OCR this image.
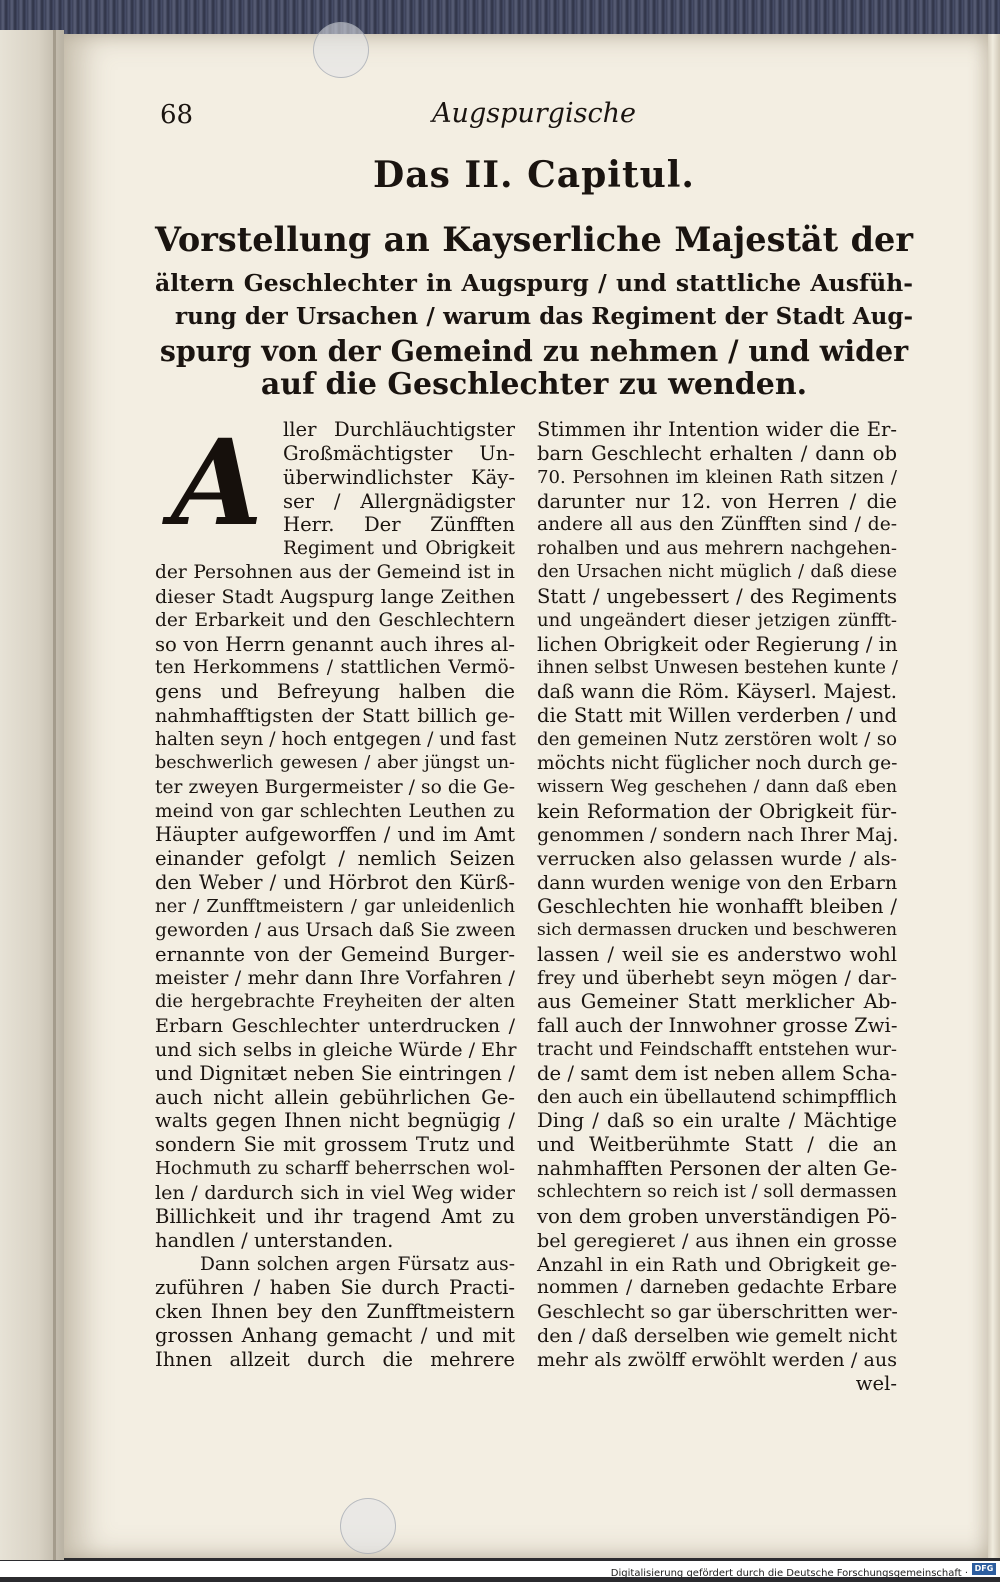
68	Augspurgische
Das II. Capitul.
Vorstellung an Kayserliche Majestät der
ältern Geschlechter in Augspurg / und stattliche Ausfüh-
rung der Ursachen / warum das Regiment der Stadt Aug-
spurg von der Gemeind zu nehmen / und wider
auf die Geschlechter zu wenden.
A	ller Durchläuchtigster
Großmächtigster Un-
überwindlichster Käy-
ser / Allergnädigster
Herr. Der Zünfften
Regiment und Obrigkeit
der Persohnen aus der Gemeind ist in
dieser Stadt Augspurg lange Zeithen
der Erbarkeit und den Geschlechtern
so von Herrn genannt auch ihres al-
ten Herkommens / stattlichen Vermö-
gens und Befreyung halben die
nahmhafftigsten der Statt billich ge-
halten seyn / hoch entgegen / und fast
beschwerlich gewesen / aber jüngst un-
ter zweyen Burgermeister / so die Ge-
meind von gar schlechten Leuthen zu
Häupter aufgeworffen / und im Amt
einander gefolgt / nemlich Seizen
den Weber / und Hörbrot den Kürß-
ner / Zunfftmeistern / gar unleidenlich
geworden / aus Ursach daß Sie zween
ernannte von der Gemeind Burger-
meister / mehr dann Ihre Vorfahren /
die hergebrachte Freyheiten der alten
Erbarn Geschlechter unterdrucken /
und sich selbs in gleiche Würde / Ehr
und Dignitæt neben Sie eintringen /
auch nicht allein gebührlichen Ge-
walts gegen Ihnen nicht begnügig /
sondern Sie mit grossem Trutz und
Hochmuth zu scharff beherrschen wol-
len / dardurch sich in viel Weg wider
Billichkeit und ihr tragend Amt zu
handlen / unterstanden.
Dann solchen argen Fürsatz aus-
zuführen / haben Sie durch Practi-
cken Ihnen bey den Zunfftmeistern
grossen Anhang gemacht / und mit
Ihnen allzeit durch die mehrere
Stimmen ihr Intention wider die Er-
barn Geschlecht erhalten / dann ob
70. Persohnen im kleinen Rath sitzen /
darunter nur 12. von Herren / die
andere all aus den Zünfften sind / de-
rohalben und aus mehrern nachgehen-
den Ursachen nicht müglich / daß diese
Statt / ungebessert / des Regiments
und ungeändert dieser jetzigen zünfft-
lichen Obrigkeit oder Regierung / in
ihnen selbst Unwesen bestehen kunte /
daß wann die Röm. Käyserl. Majest.
die Statt mit Willen verderben / und
den gemeinen Nutz zerstören wolt / so
möchts nicht füglicher noch durch ge-
wissern Weg geschehen / dann daß eben
kein Reformation der Obrigkeit für-
genommen / sondern nach Ihrer Maj.
verrucken also gelassen wurde / als-
dann wurden wenige von den Erbarn
Geschlechten hie wonhafft bleiben /
sich dermassen drucken und beschweren
lassen / weil sie es anderstwo wohl
frey und überhebt seyn mögen / dar-
aus Gemeiner Statt merklicher Ab-
fall auch der Innwohner grosse Zwi-
tracht und Feindschafft entstehen wur-
de / samt dem ist neben allem Scha-
den auch ein übellautend schimpfflich
Ding / daß so ein uralte / Mächtige
und Weitberühmte Statt / die an
nahmhafften Personen der alten Ge-
schlechtern so reich ist / soll dermassen
von dem groben unverständigen Pö-
bel geregieret / aus ihnen ein grosse
Anzahl in ein Rath und Obrigkeit ge-
nommen / darneben gedachte Erbare
Geschlecht so gar überschritten wer-
den / daß derselben wie gemelt nicht
mehr als zwölff erwöhlt werden / aus
wel-
Digitalisierung gefördert durch die Deutsche Forschungsgemeinschaft · DFG
